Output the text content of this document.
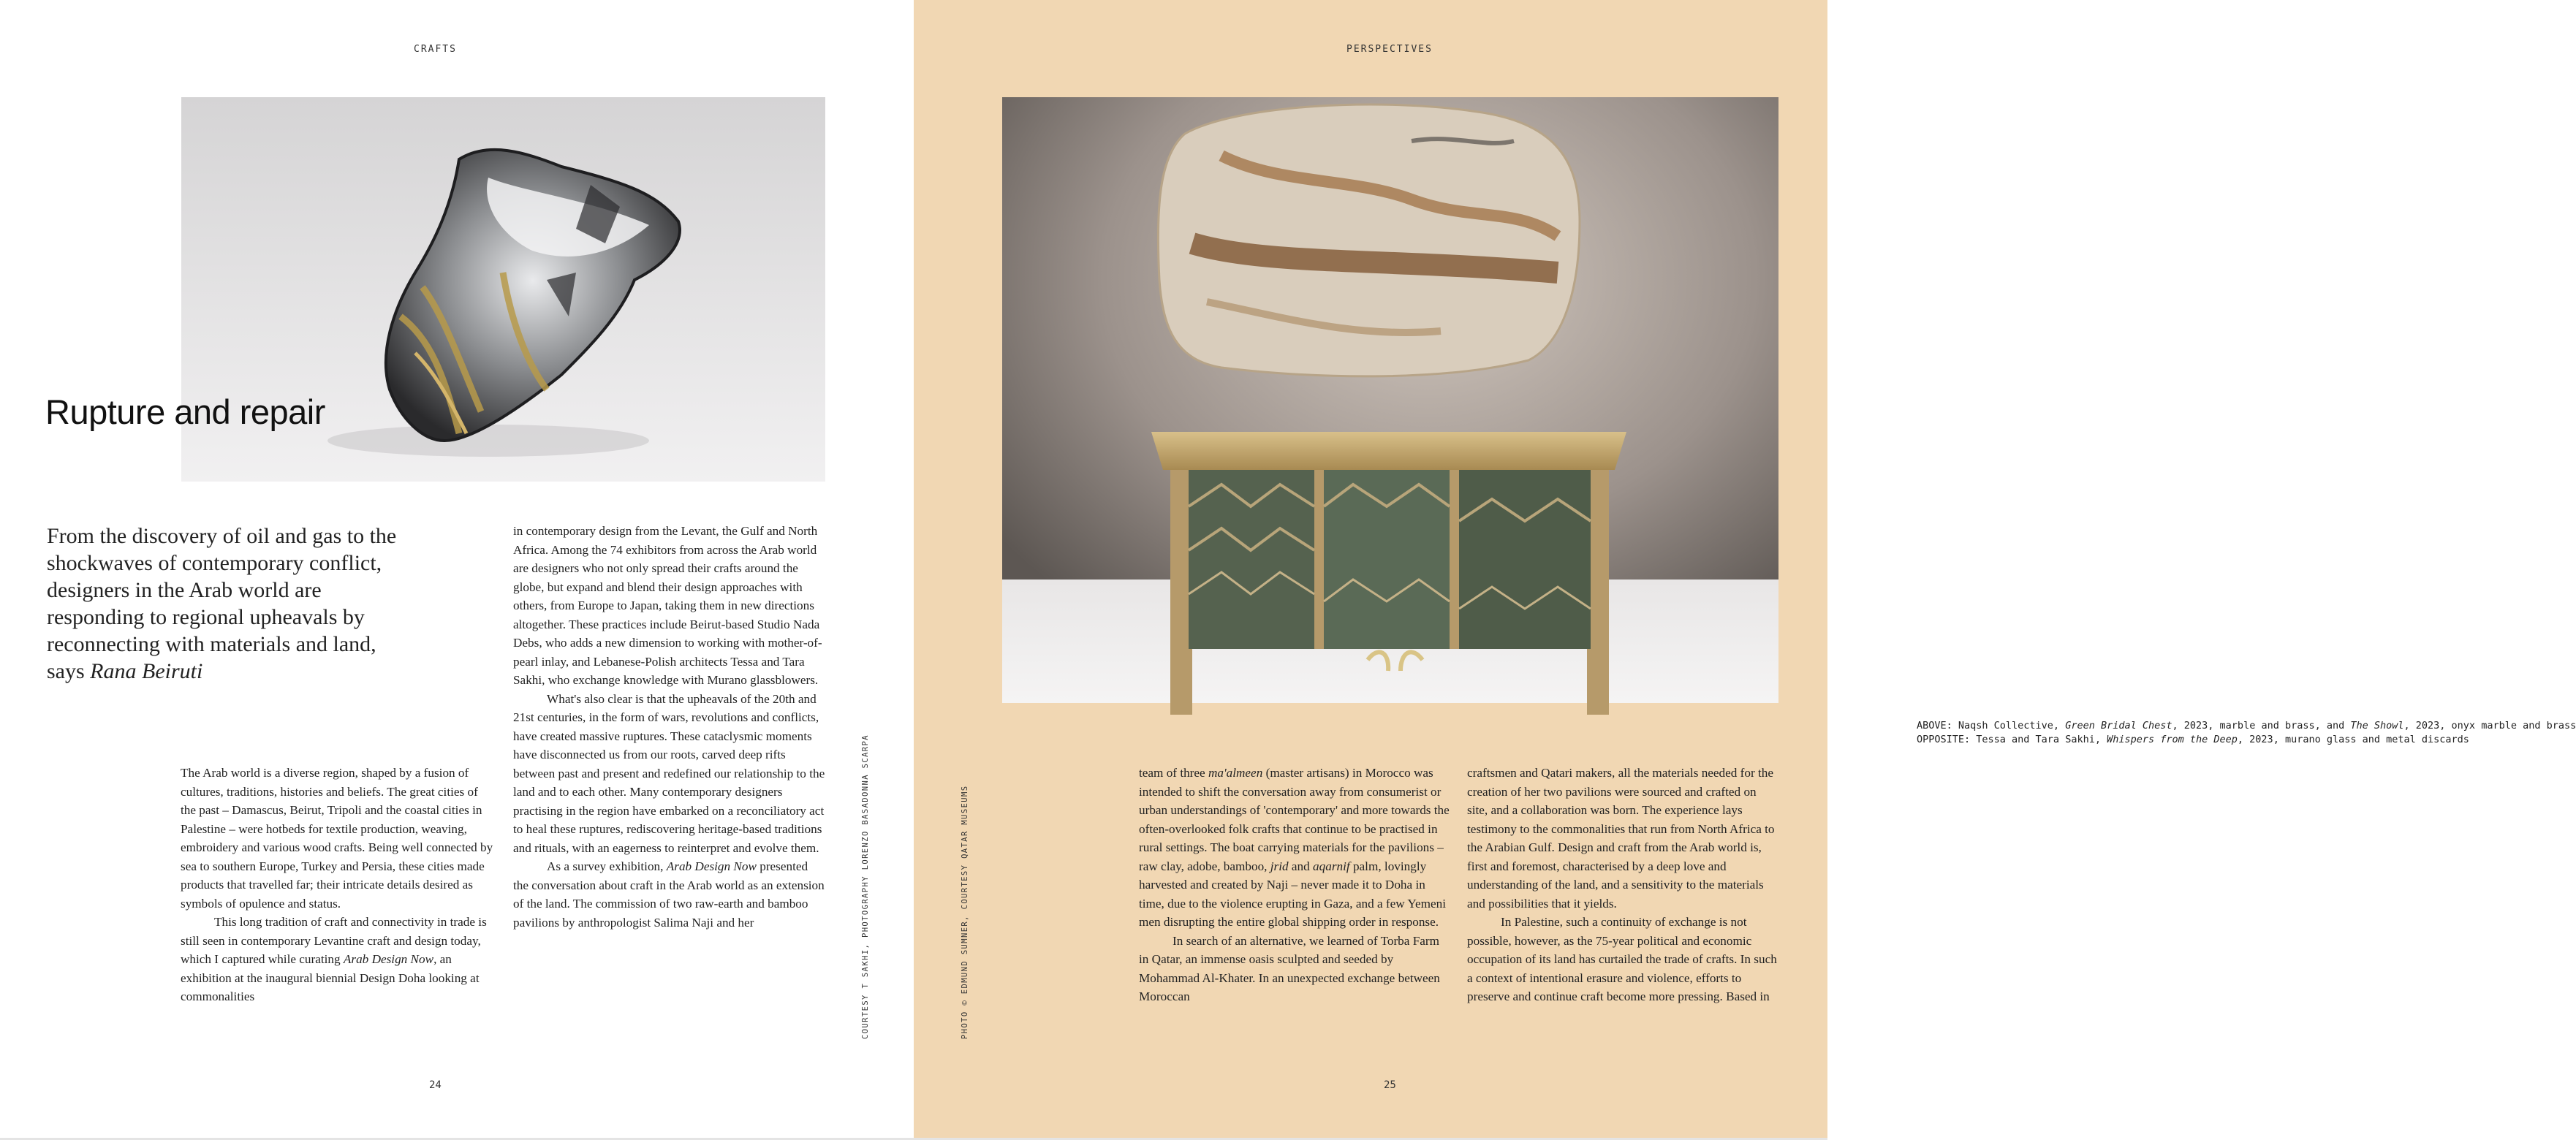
CRAFTS
Rupture and repair
From the discovery of oil and gas to the shockwaves of contemporary conflict, designers in the Arab world are responding to regional upheavals by reconnecting with materials and land, says Rana Beiruti

The Arab world is a diverse region, shaped by a fusion of cultures, traditions, histories and beliefs. The great cities of the past – Damascus, Beirut, Tripoli and the coastal cities in Palestine – were hotbeds for textile production, weaving, embroidery and various wood crafts. Being well connected by sea to southern Europe, Turkey and Persia, these cities made products that travelled far; their intricate details desired as symbols of opulence and status.

This long tradition of craft and connectivity in trade is still seen in contemporary Levantine craft and design today, which I captured while curating Arab Design Now, an exhibition at the inaugural biennial Design Doha looking at commonalities

in contemporary design from the Levant, the Gulf and North Africa. Among the 74 exhibitors from across the Arab world are designers who not only spread their crafts around the globe, but expand and blend their design approaches with others, from Europe to Japan, taking them in new directions altogether. These practices include Beirut-based Studio Nada Debs, who adds a new dimension to working with mother-of-pearl inlay, and Lebanese-Polish architects Tessa and Tara Sakhi, who exchange knowledge with Murano glassblowers.

What's also clear is that the upheavals of the 20th and 21st centuries, in the form of wars, revolutions and conflicts, have created massive ruptures. These cataclysmic moments have disconnected us from our roots, carved deep rifts between past and present and redefined our relationship to the land and to each other. Many contemporary designers practising in the region have embarked on a reconciliatory act to heal these ruptures, rediscovering heritage-based traditions and rituals, with an eagerness to reinterpret and evolve them.

As a survey exhibition, Arab Design Now presented the conversation about craft in the Arab world as an extension of the land. The commission of two raw-earth and bamboo pavilions by anthropologist Salima Naji and her	COURTESY T SAKHI, PHOTOGRAPHY LORENZO BASADONNA SCARPA
24
PERSPECTIVES
ABOVE: Naqsh Collective, Green Bridal Chest, 2023, marble and brass, and The Showl, 2023, onyx marble and brass
OPPOSITE: Tessa and Tara Sakhi, Whispers from the Deep, 2023, murano glass and metal discards
PHOTO © EDMUND SUMNER, COURTESY QATAR MUSEUMS

team of three ma'almeen (master artisans) in Morocco was intended to shift the conversation away from consumerist or urban understandings of 'contemporary' and more towards the often-overlooked folk crafts that continue to be practised in rural settings. The boat carrying materials for the pavilions – raw clay, adobe, bamboo, jrid and aqarnif palm, lovingly harvested and created by Naji – never made it to Doha in time, due to the violence erupting in Gaza, and a few Yemeni men disrupting the entire global shipping order in response.

In search of an alternative, we learned of Torba Farm in Qatar, an immense oasis sculpted and seeded by Mohammad Al-Khater. In an unexpected exchange between Moroccan

craftsmen and Qatari makers, all the materials needed for the creation of her two pavilions were sourced and crafted on site, and a collaboration was born. The experience lays testimony to the commonalities that run from North Africa to the Arabian Gulf. Design and craft from the Arab world is, first and foremost, characterised by a deep love and understanding of the land, and a sensitivity to the materials and possibilities that it yields.

In Palestine, such a continuity of exchange is not possible, however, as the 75-year political and economic occupation of its land has curtailed the trade of crafts. In such a context of intentional erasure and violence, efforts to preserve and continue craft become more pressing. Based in

25
